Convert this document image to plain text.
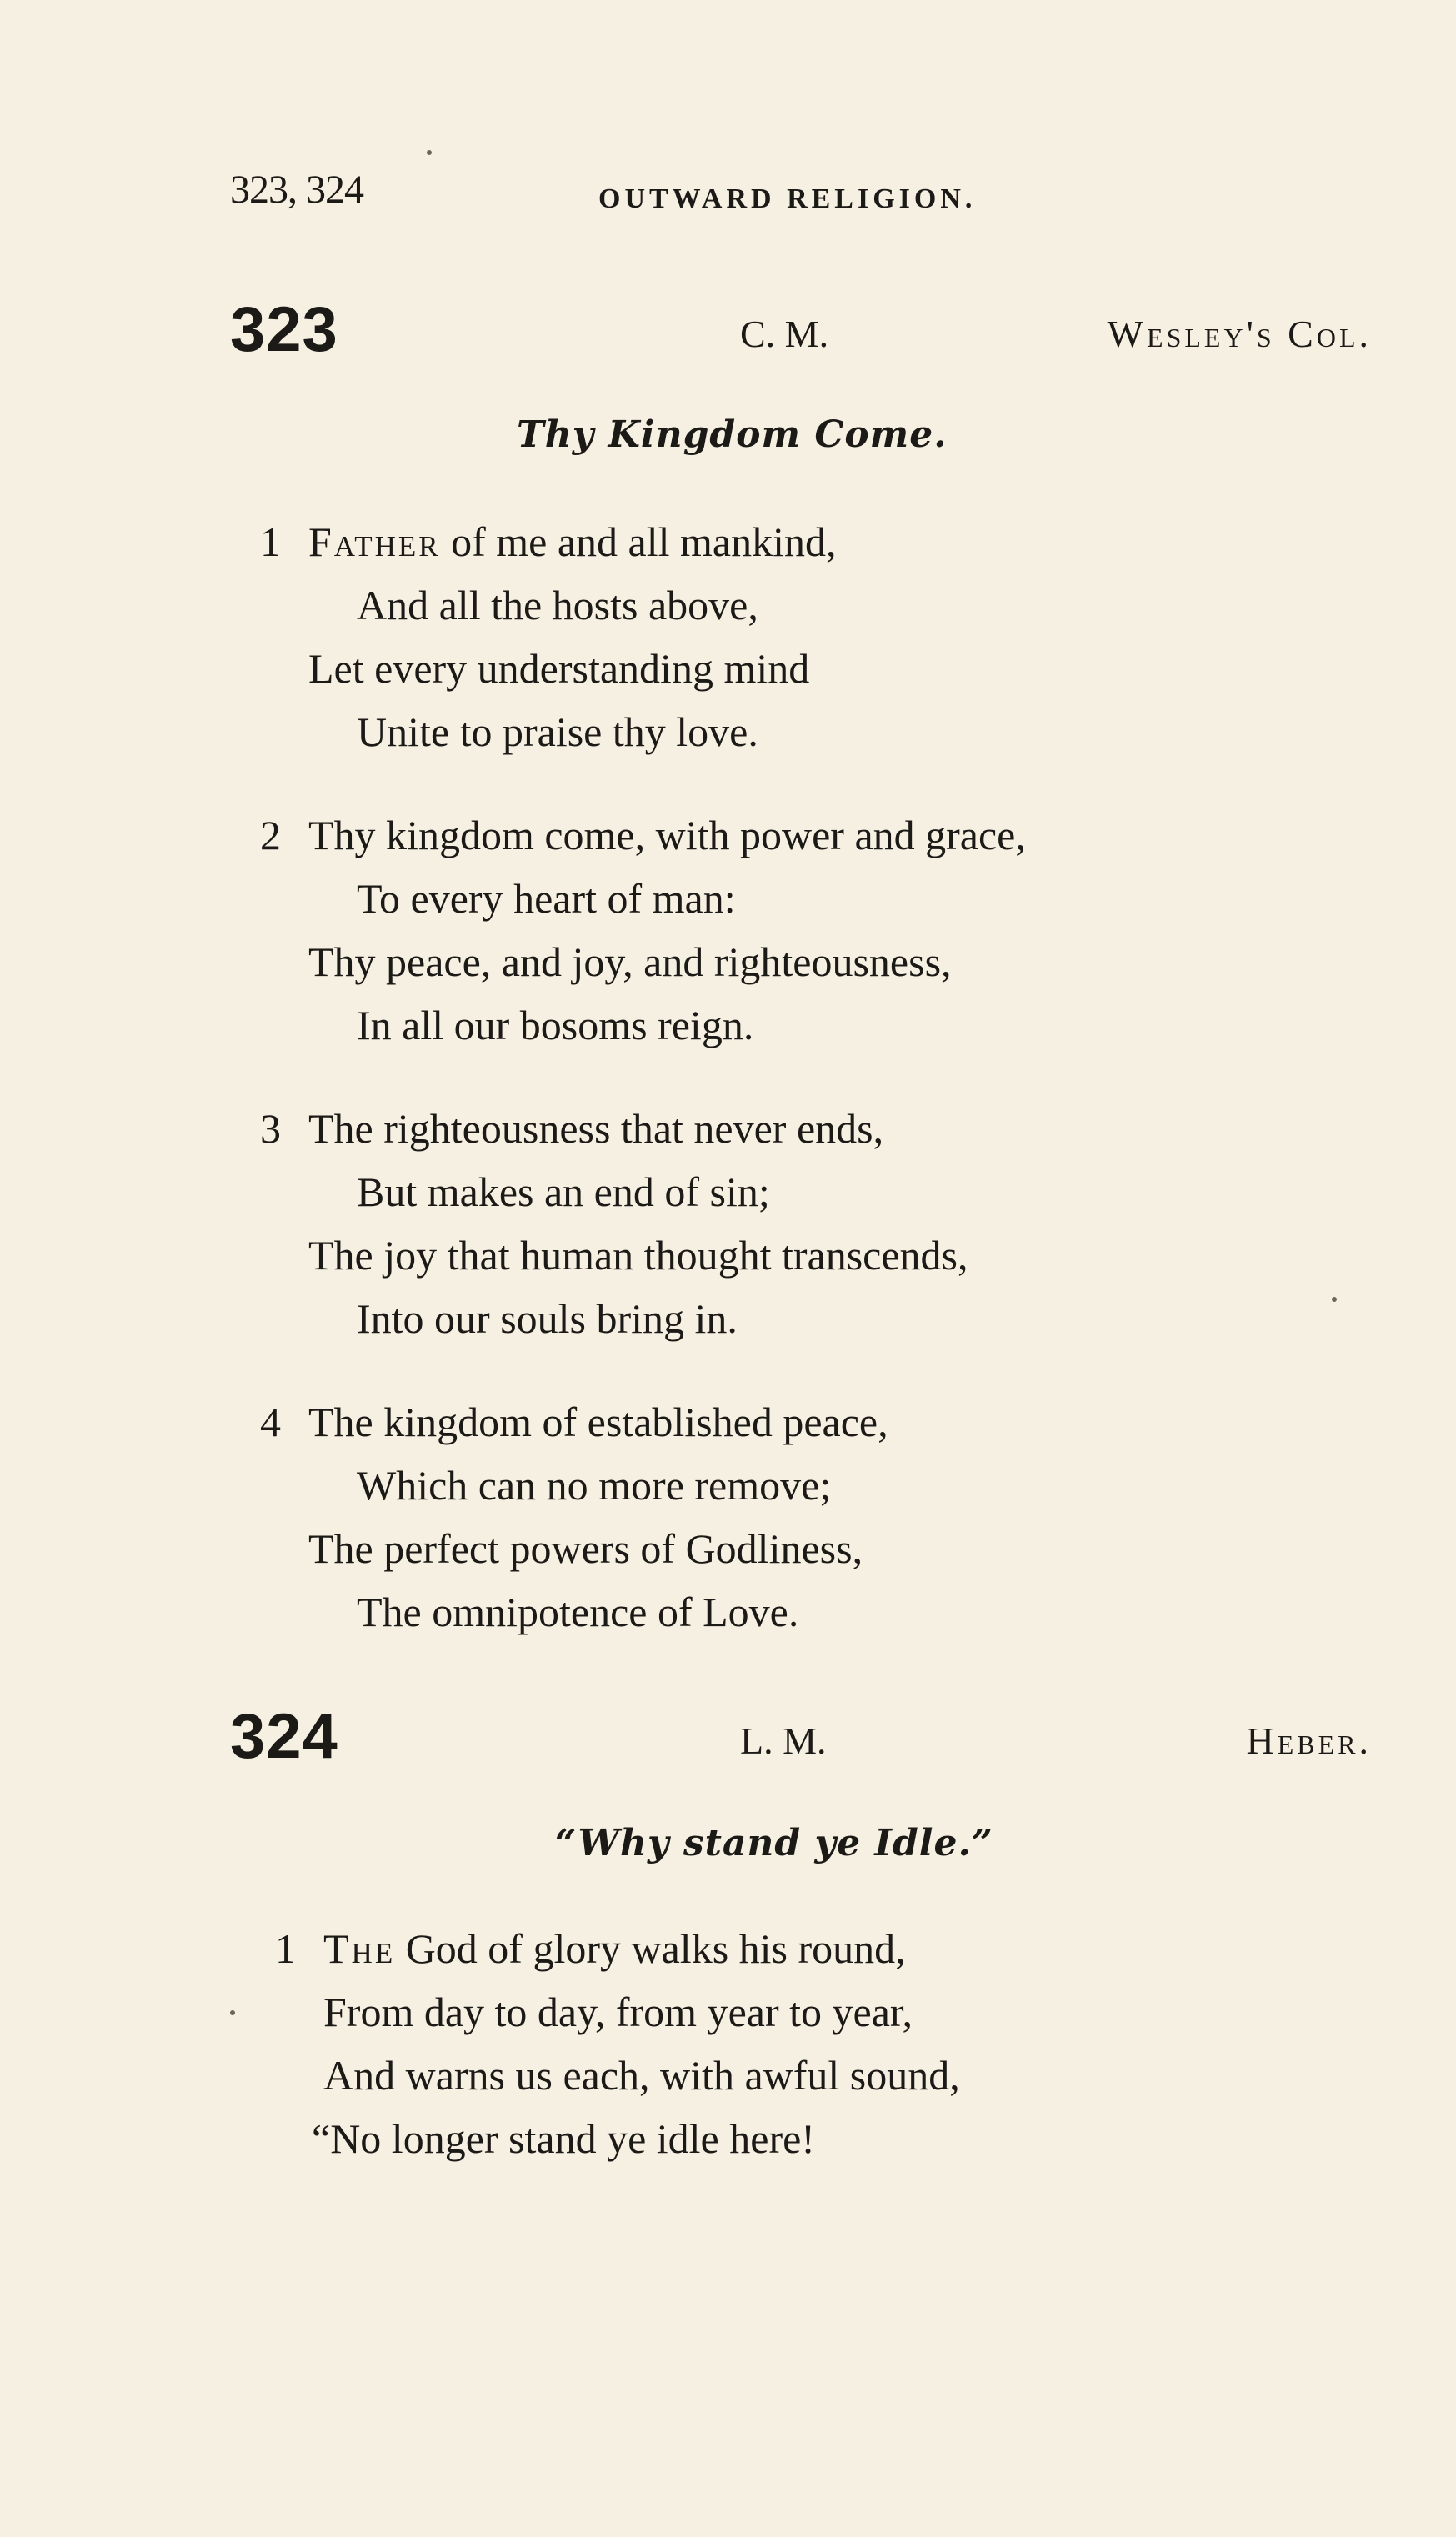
323, 324	OUTWARD RELIGION.
323	C. M.	Wesley's Col.
Thy Kingdom Come.
1 Father of me and all mankind,
And all the hosts above,
Let every understanding mind
Unite to praise thy love.
2 Thy kingdom come, with power and grace,
To every heart of man:
Thy peace, and joy, and righteousness,
In all our bosoms reign.
3 The righteousness that never ends,
But makes an end of sin;
The joy that human thought transcends,
Into our souls bring in.
4 The kingdom of established peace,
Which can no more remove;
The perfect powers of Godliness,
The omnipotence of Love.
324	L. M.	Heber.
“Why stand ye Idle.”
1 The God of glory walks his round,
From day to day, from year to year,
And warns us each, with awful sound,
“No longer stand ye idle here!
